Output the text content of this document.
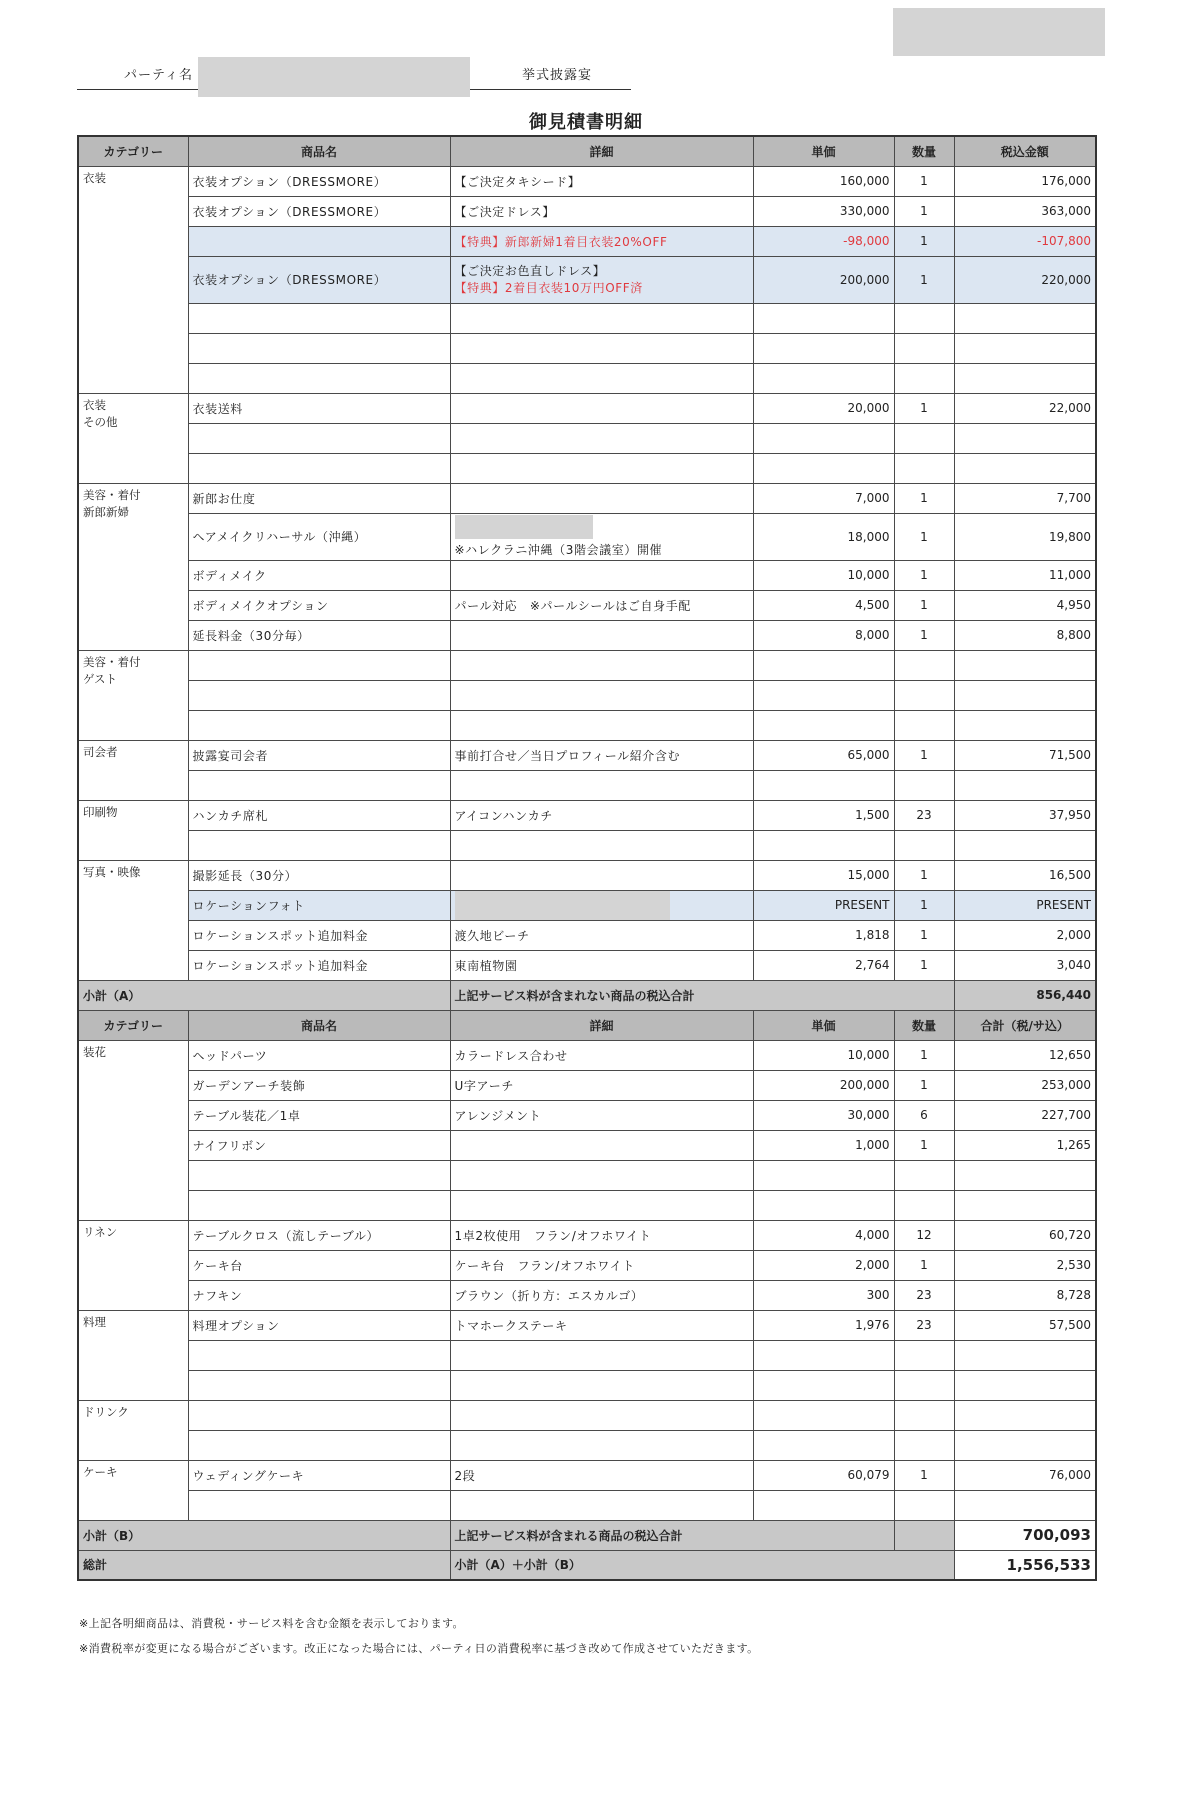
パーティ名	挙式披露宴
御見積書明細
カテゴリー	商品名	詳細	単価	数量	税込金額

衣装	衣装オプション（DRESSMORE）	【ご決定タキシード】	160,000	1	176,000
	衣装オプション（DRESSMORE）	【ご決定ドレス】	330,000	1	363,000
		【特典】新郎新婦1着目衣装20%OFF	-98,000	1	-107,800
	衣装オプション（DRESSMORE）	【ご決定お色直しドレス】
【特典】2着目衣装10万円OFF済	200,000	1	220,000

衣装
その他	衣装送料		20,000	1	22,000

美容・着付
新郎新婦	新郎お仕度		7,000	1	7,700
	ヘアメイクリハーサル（沖縄）	※ハレクラニ沖縄（3階会議室）開催	18,000	1	19,800
	ボディメイク		10,000	1	11,000
	ボディメイクオプション	パール対応　※パールシールはご自身手配	4,500	1	4,950
	延長料金（30分毎）		8,000	1	8,800

美容・着付
ゲスト					

司会者	披露宴司会者	事前打合せ／当日プロフィール紹介含む	65,000	1	71,500

印刷物	ハンカチ席札	アイコンハンカチ	1,500	23	37,950

写真・映像	撮影延長（30分）		15,000	1	16,500
	ロケーションフォト		PRESENT	1	PRESENT
	ロケーションスポット追加料金	渡久地ビーチ	1,818	1	2,000
	ロケーションスポット追加料金	東南植物園	2,764	1	3,040
小計（A）		上記サービス料が含まれない商品の税込合計			856,440
カテゴリー	商品名	詳細	単価	数量	合計（税/サ込）

装花	ヘッドパーツ	カラードレス合わせ	10,000	1	12,650
	ガーデンアーチ装飾	U字アーチ	200,000	1	253,000
	テーブル装花／1卓	アレンジメント	30,000	6	227,700
	ナイフリボン		1,000	1	1,265

リネン	テーブルクロス（流しテーブル）	1卓2枚使用　フラン/オフホワイト	4,000	12	60,720
	ケーキ台	ケーキ台　フラン/オフホワイト	2,000	1	2,530
	ナフキン	ブラウン（折り方：エスカルゴ）	300	23	8,728

料理	料理オプション	トマホークステーキ	1,976	23	57,500

ドリンク					

ケーキ	ウェディングケーキ	2段	60,079	1	76,000

小計（B）		上記サービス料が含まれる商品の税込合計			700,093
総計		小計（A）＋小計（B）			1,556,533
※上記各明細商品は、消費税・サービス料を含む金額を表示しております。
※消費税率が変更になる場合がございます。改正になった場合には、パーティ日の消費税率に基づき改めて作成させていただきます。
